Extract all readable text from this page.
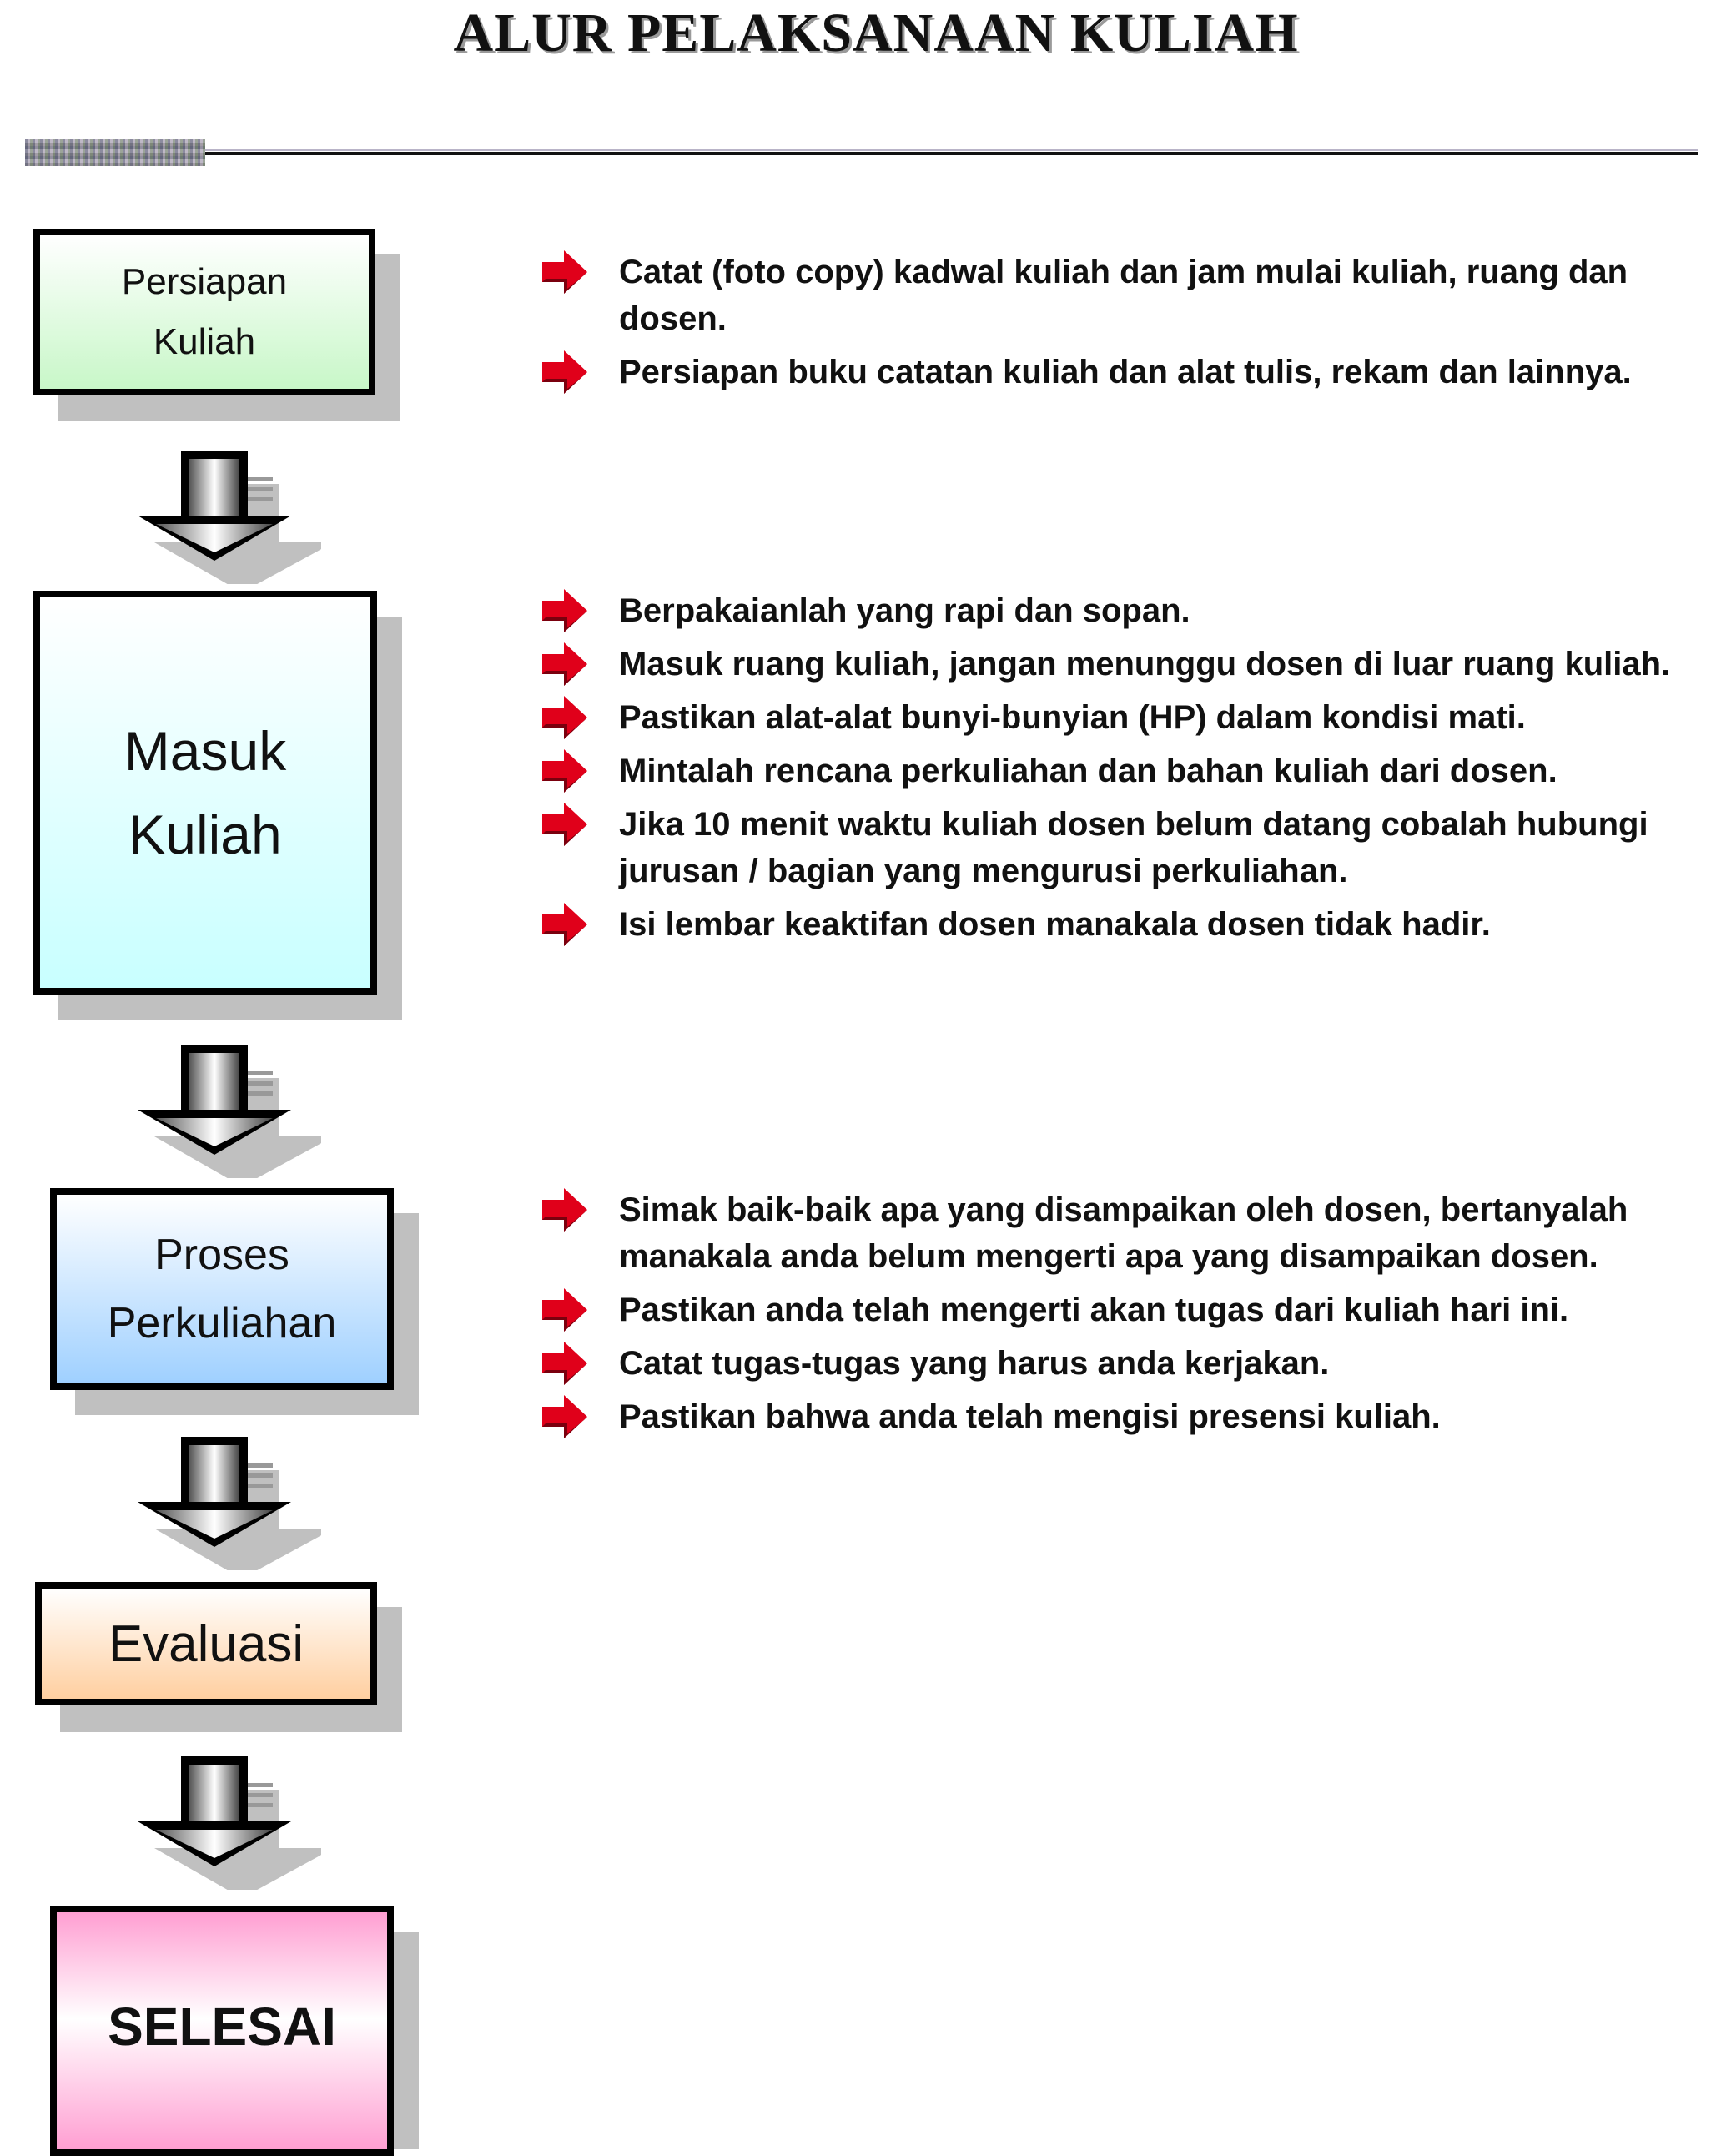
ALUR PELAKSANAAN KULIAH
Persiapan
Kuliah
Masuk
Kuliah
Proses
Perkuliahan
Evaluasi
SELESAI
Catat (foto copy) kadwal kuliah dan jam mulai kuliah, ruang dan dosen.
Persiapan buku catatan kuliah dan alat tulis, rekam dan lainnya.
Berpakaianlah yang rapi dan sopan.
Masuk ruang kuliah, jangan menunggu dosen di luar ruang kuliah.
Pastikan alat-alat bunyi-bunyian (HP) dalam kondisi mati.
Mintalah rencana perkuliahan dan bahan kuliah dari dosen.
Jika 10 menit waktu kuliah dosen belum datang cobalah hubungi jurusan / bagian yang mengurusi perkuliahan.
Isi lembar keaktifan dosen manakala dosen tidak hadir.
Simak baik-baik apa yang disampaikan oleh dosen, bertanyalah manakala anda belum mengerti apa yang disampaikan dosen.
Pastikan anda telah mengerti akan tugas dari kuliah hari ini.
Catat tugas-tugas yang harus anda kerjakan.
Pastikan bahwa anda telah mengisi presensi kuliah.
